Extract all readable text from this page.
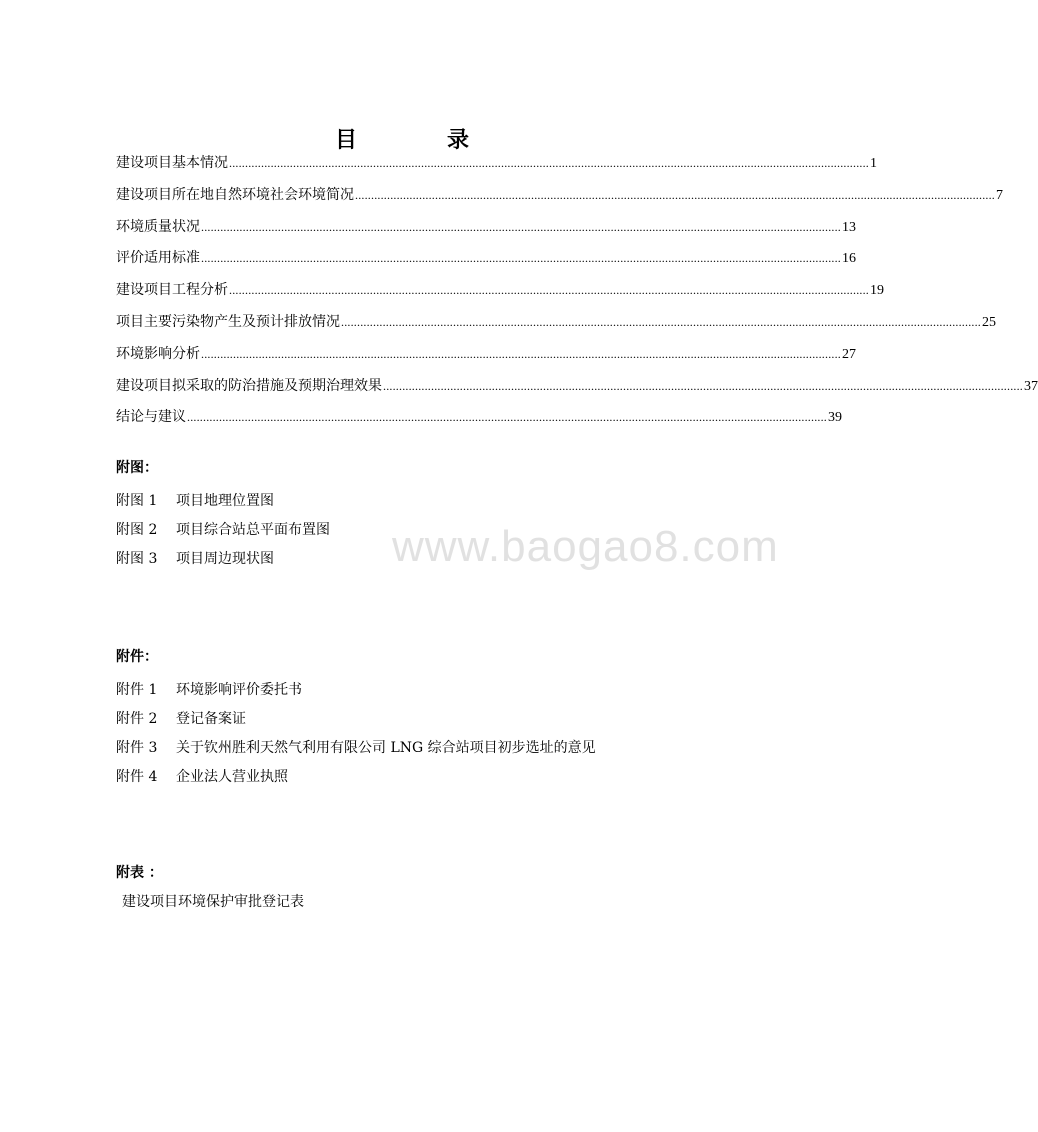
目　录
建设项目基本情况 ........................................................................................................................................................................................................ 1
建设项目所在地自然环境社会环境简况 ........................................................................................................................................................................................................ 7
环境质量状况 ........................................................................................................................................................................................................ 13
评价适用标准 ........................................................................................................................................................................................................ 16
建设项目工程分析 ........................................................................................................................................................................................................ 19
项目主要污染物产生及预计排放情况 ........................................................................................................................................................................................................ 25
环境影响分析 ........................................................................................................................................................................................................ 27
建设项目拟采取的防治措施及预期治理效果 ........................................................................................................................................................................................................ 37
结论与建议 ........................................................................................................................................................................................................ 39
附图：
附图 1 项目地理位置图
附图 2 项目综合站总平面布置图
附图 3 项目周边现状图	www.baogao8.com
附件：
附件 1 环境影响评价委托书
附件 2 登记备案证
附件 3 关于钦州胜利天然气利用有限公司 LNG 综合站项目初步选址的意见
附件 4 企业法人营业执照
附表 ：
建设项目环境保护审批登记表
